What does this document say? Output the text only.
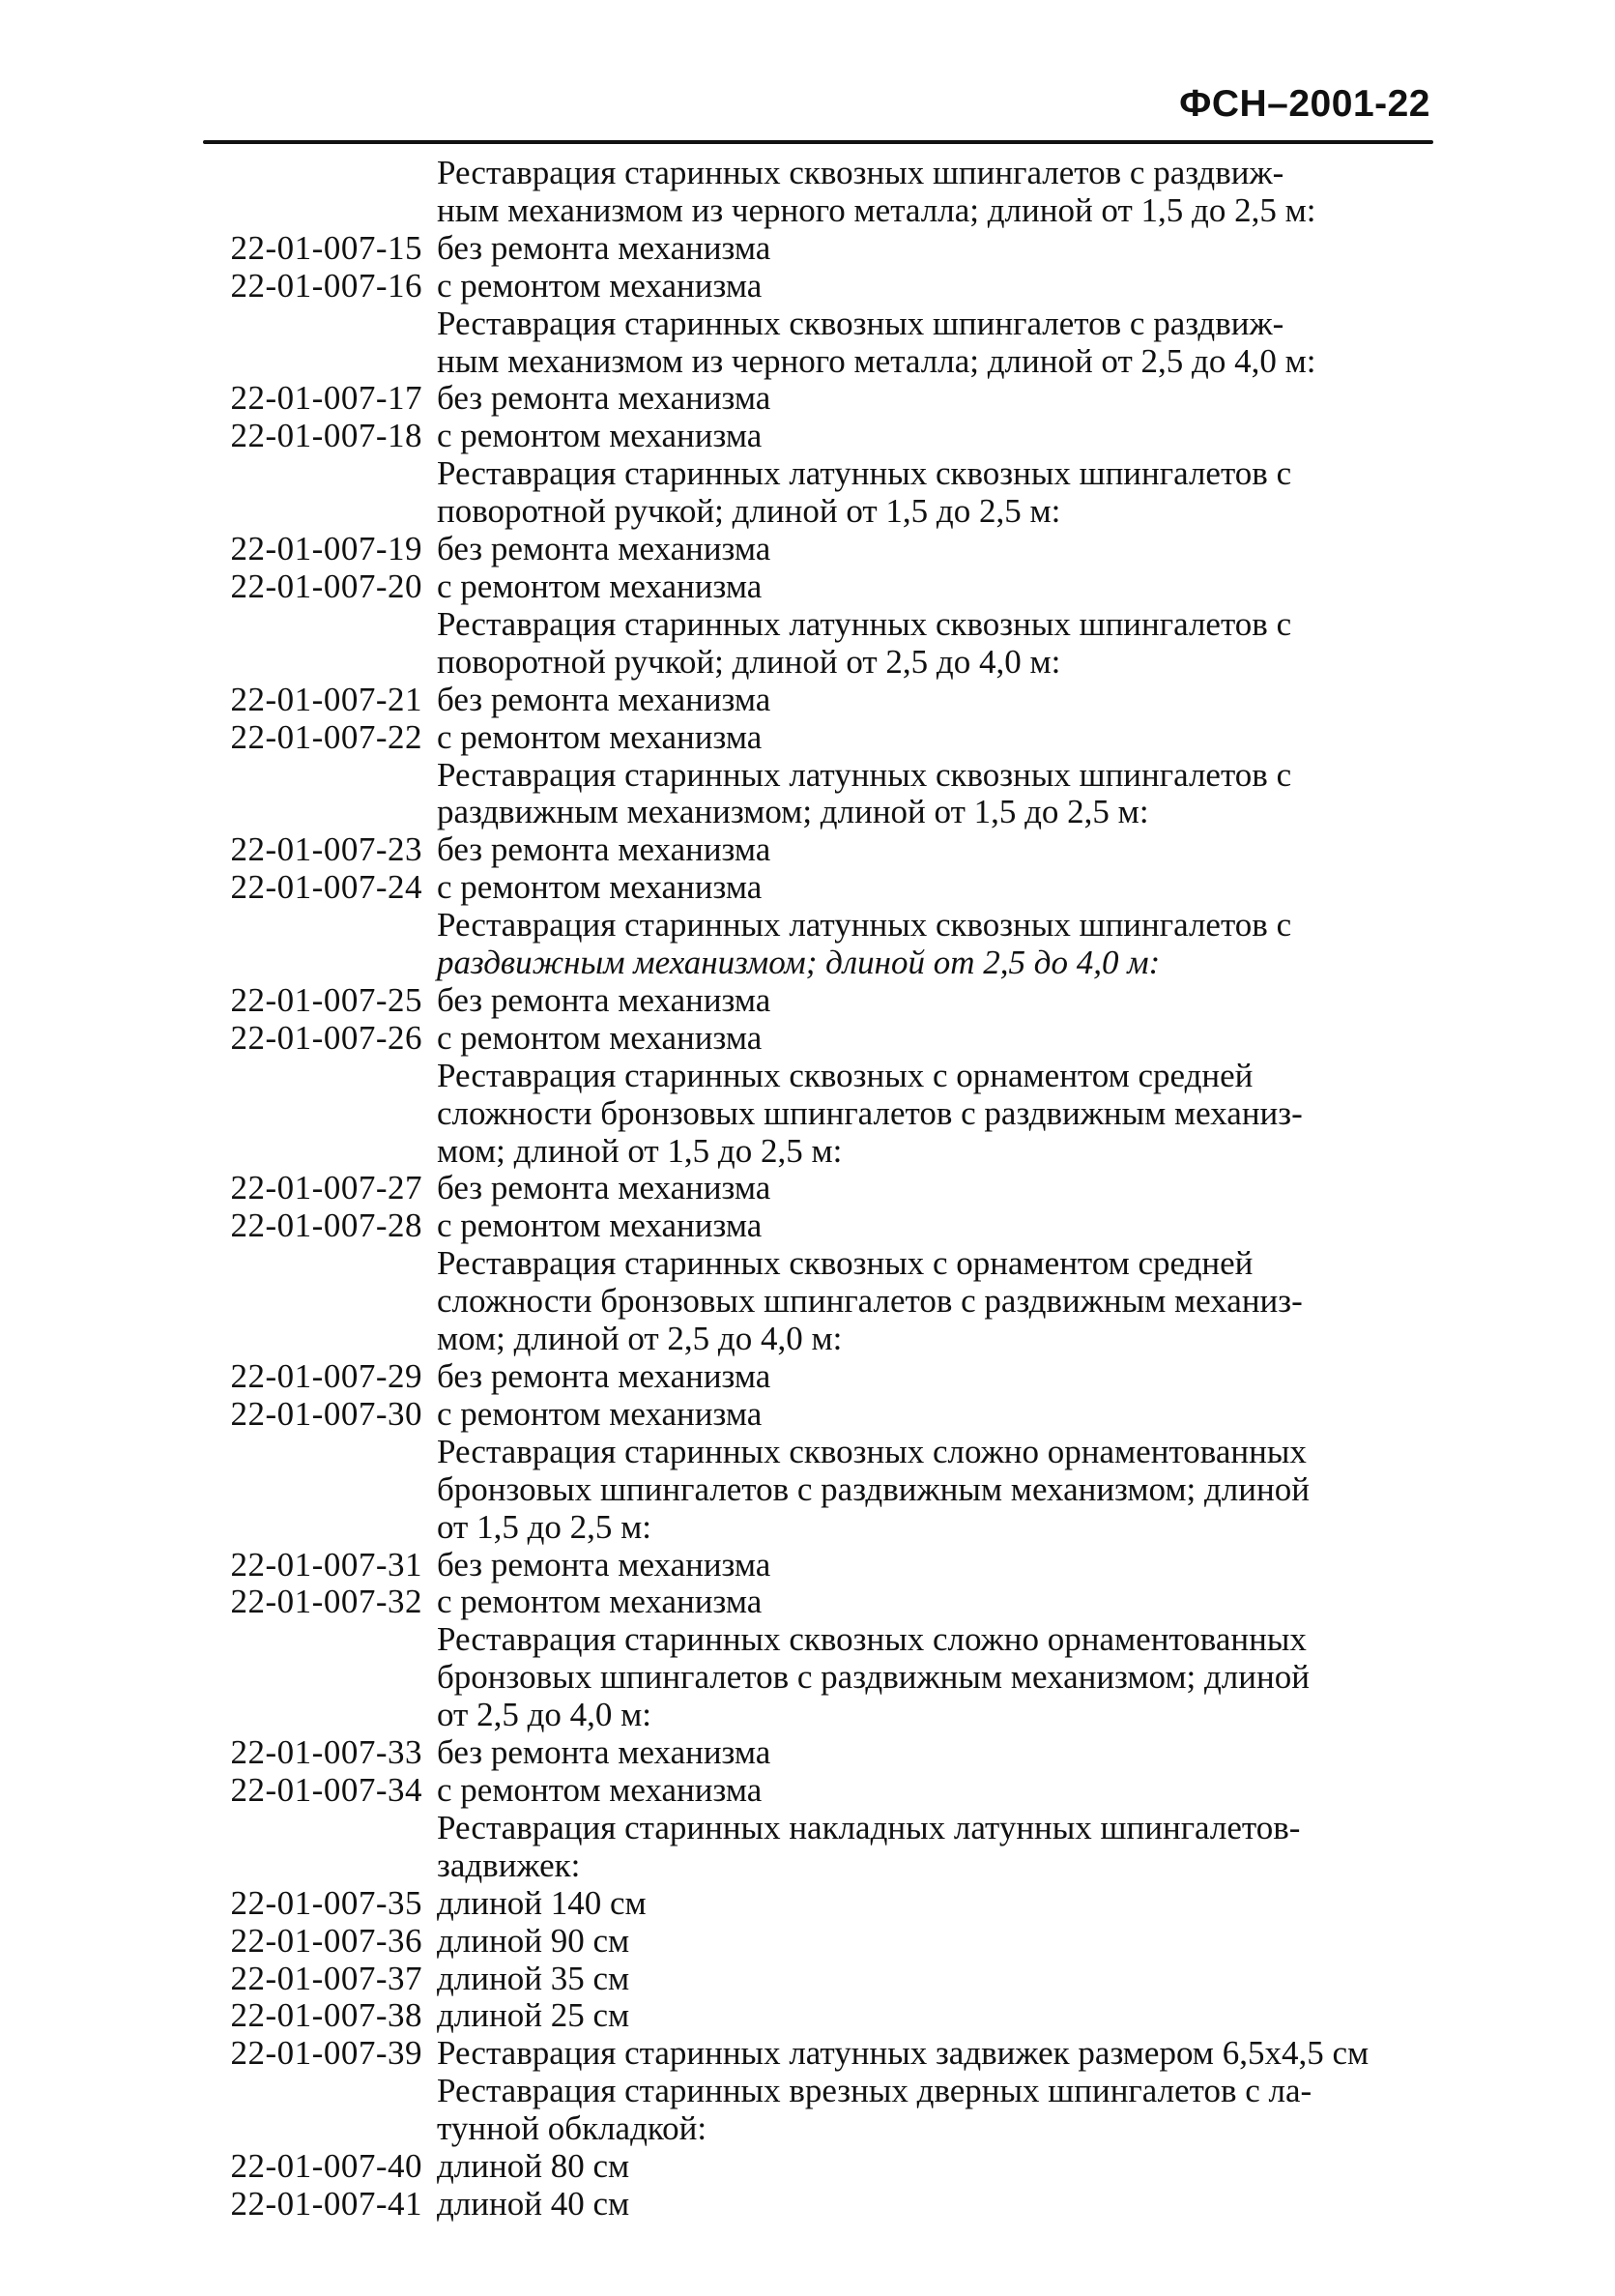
ФСН–2001-22
Реставрация старинных сквозных шпингалетов с раздвиж-
ным механизмом из черного металла; длиной от 1,5 до 2,5 м:
22-01-007-15 без ремонта механизма
22-01-007-16 с ремонтом механизма
Реставрация старинных сквозных шпингалетов с раздвиж-
ным механизмом из черного металла; длиной от 2,5 до 4,0 м:
22-01-007-17 без ремонта механизма
22-01-007-18 с ремонтом механизма
Реставрация старинных латунных сквозных шпингалетов с
поворотной ручкой; длиной от 1,5 до 2,5 м:
22-01-007-19 без ремонта механизма
22-01-007-20 с ремонтом механизма
Реставрация старинных латунных сквозных шпингалетов с
поворотной ручкой; длиной от 2,5 до 4,0 м:
22-01-007-21 без ремонта механизма
22-01-007-22 с ремонтом механизма
Реставрация старинных латунных сквозных шпингалетов с
раздвижным механизмом; длиной от 1,5 до 2,5 м:
22-01-007-23 без ремонта механизма
22-01-007-24 с ремонтом механизма
Реставрация старинных латунных сквозных шпингалетов с
раздвижным механизмом; длиной от 2,5 до 4,0 м:
22-01-007-25 без ремонта механизма
22-01-007-26 с ремонтом механизма
Реставрация старинных сквозных с орнаментом средней
сложности бронзовых шпингалетов с раздвижным механиз-
мом; длиной от 1,5 до 2,5 м:
22-01-007-27 без ремонта механизма
22-01-007-28 с ремонтом механизма
Реставрация старинных сквозных с орнаментом средней
сложности бронзовых шпингалетов с раздвижным механиз-
мом; длиной от 2,5 до 4,0 м:
22-01-007-29 без ремонта механизма
22-01-007-30 с ремонтом механизма
Реставрация старинных сквозных сложно орнаментованных
бронзовых шпингалетов с раздвижным механизмом; длиной
от 1,5 до 2,5 м:
22-01-007-31 без ремонта механизма
22-01-007-32 с ремонтом механизма
Реставрация старинных сквозных сложно орнаментованных
бронзовых шпингалетов с раздвижным механизмом; длиной
от 2,5 до 4,0 м:
22-01-007-33 без ремонта механизма
22-01-007-34 с ремонтом механизма
Реставрация старинных накладных латунных шпингалетов-
задвижек:
22-01-007-35 длиной 140 см
22-01-007-36 длиной 90 см
22-01-007-37 длиной 35 см
22-01-007-38 длиной 25 см
22-01-007-39 Реставрация старинных латунных задвижек размером 6,5x4,5 см
Реставрация старинных врезных дверных шпингалетов с ла-
тунной обкладкой:
22-01-007-40 длиной 80 см
22-01-007-41 длиной 40 см
